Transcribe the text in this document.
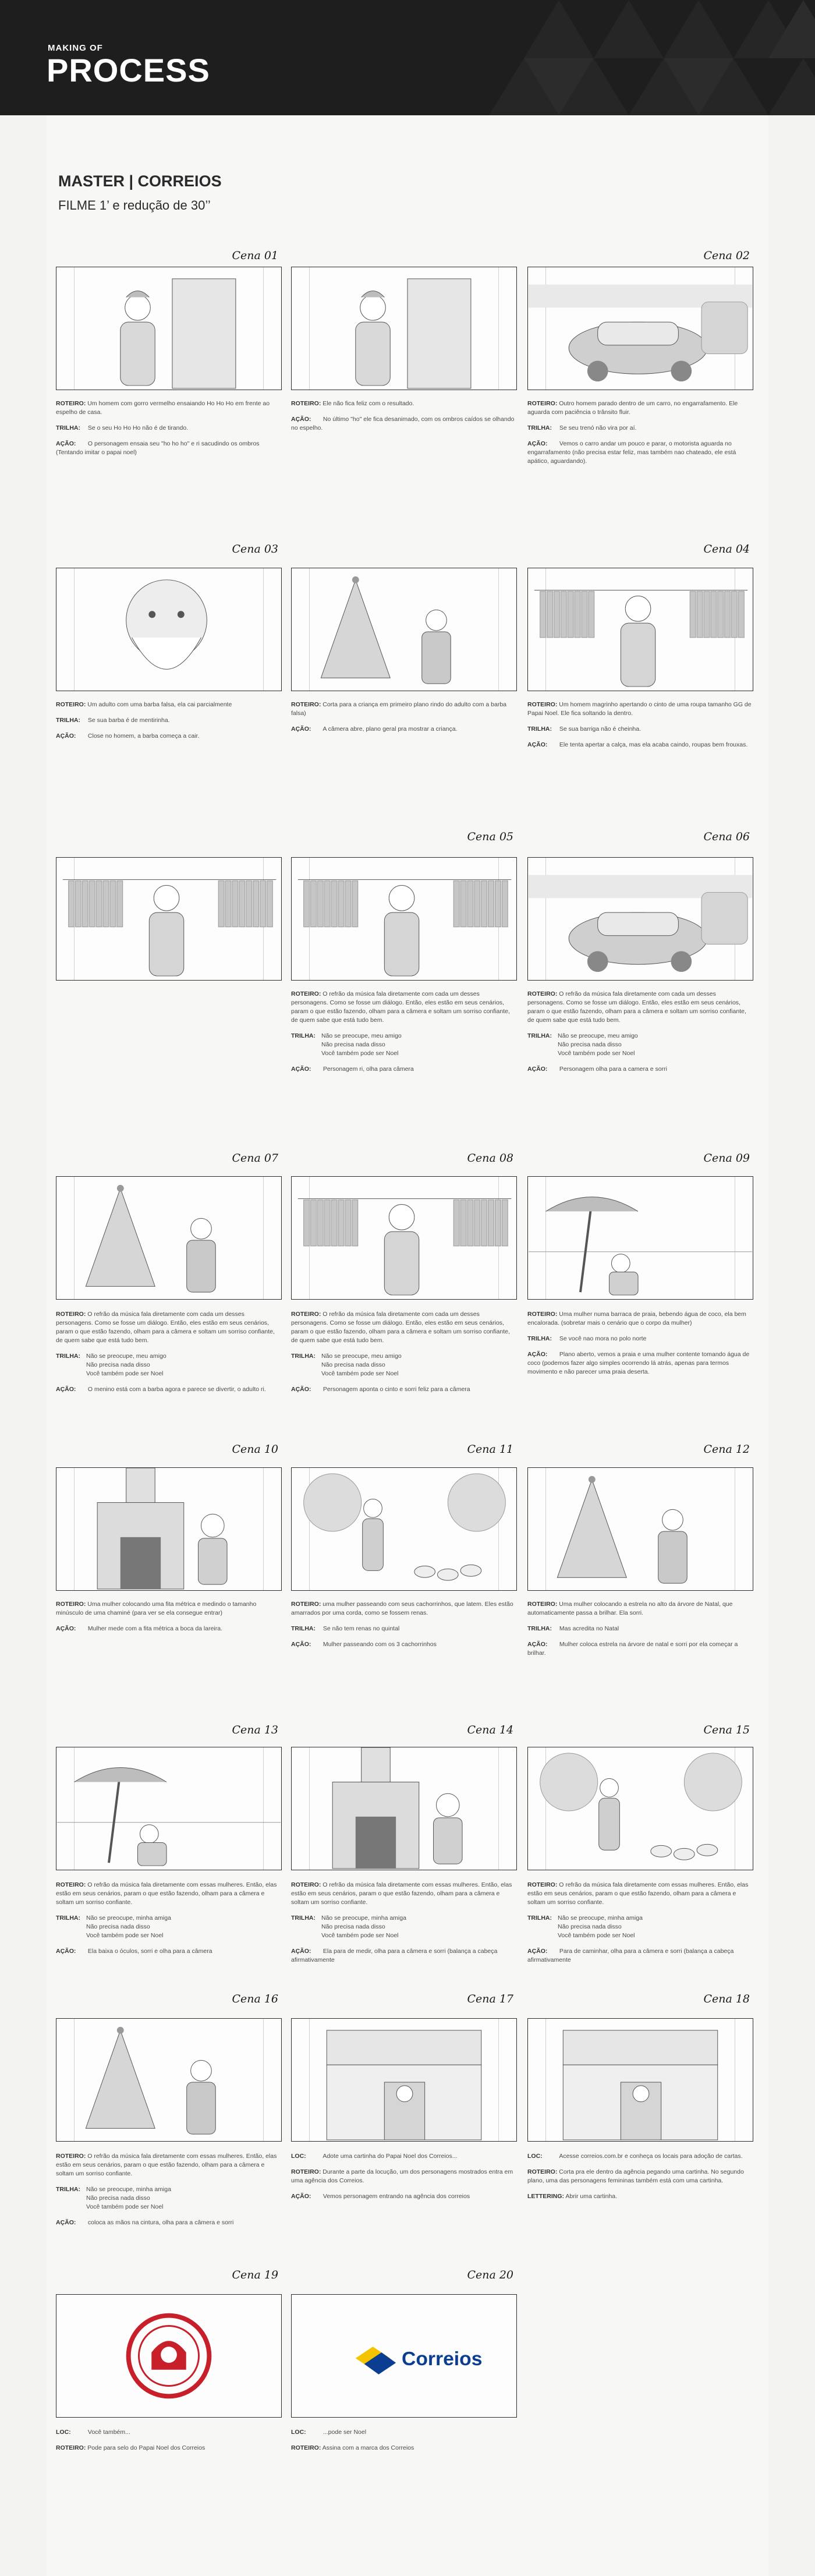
MAKING OF
PROCESS
MASTER | CORREIOS
FILME 1’ e redução de 30’’
Cena 01
ROTEIRO: Um homem com gorro vermelho ensaiando Ho Ho Ho em frente ao espelho de casa.
TRILHA: Se o seu Ho Ho Ho não é de tirando.
AÇÃO: O personagem ensaia seu "ho ho ho" e ri sacudindo os ombros (Tentando imitar o papai noel)
ROTEIRO: Ele não fica feliz com o resultado.
AÇÃO: No último "ho" ele fica desanimado, com os ombros caídos se olhando no espelho.
Cena 02
ROTEIRO: Outro homem parado dentro de um carro, no engarrafamento. Ele aguarda com paciência o trânsito fluir.
TRILHA: Se seu trenó não vira por aí.
AÇÃO: Vemos o carro andar um pouco e parar, o motorista aguarda no engarrafamento (não precisa estar feliz, mas também nao chateado, ele está apático, aguardando).
Cena 03
ROTEIRO: Um adulto com uma barba falsa, ela cai parcialmente
TRILHA: Se sua barba é de mentirinha.
AÇÃO: Close no homem, a barba começa a cair.
ROTEIRO: Corta para a criança em primeiro plano rindo do adulto com a barba falsa)
AÇÃO: A câmera abre, plano geral pra mostrar a criança.
Cena 04
ROTEIRO: Um homem magrinho apertando o cinto de uma roupa tamanho GG de Papai Noel. Ele fica soltando la dentro.
TRILHA: Se sua barriga não é cheinha.
AÇÃO: Ele tenta apertar a calça, mas ela acaba caindo, roupas bem frouxas.
Cena 05
ROTEIRO: O refrão da música fala diretamente com cada um desses personagens. Como se fosse um diálogo. Então, eles estão em seus cenários, param o que estão fazendo, olham para a câmera e soltam um sorriso confiante, de quem sabe que está tudo bem.
TRILHA: Não se preocupe, meu amigo
Não precisa nada disso
Você também pode ser Noel
AÇÃO: Personagem ri, olha para câmera
Cena 06
ROTEIRO: O refrão da música fala diretamente com cada um desses personagens. Como se fosse um diálogo. Então, eles estão em seus cenários, param o que estão fazendo, olham para a câmera e soltam um sorriso confiante, de quem sabe que está tudo bem.
TRILHA: Não se preocupe, meu amigo
Não precisa nada disso
Você também pode ser Noel
AÇÃO: Personagem olha para a camera e sorri
Cena 07
ROTEIRO: O refrão da música fala diretamente com cada um desses personagens. Como se fosse um diálogo. Então, eles estão em seus cenários, param o que estão fazendo, olham para a câmera e soltam um sorriso confiante, de quem sabe que está tudo bem.
TRILHA: Não se preocupe, meu amigo
Não precisa nada disso
Você também pode ser Noel
AÇÃO: O menino está com a barba agora e parece se divertir, o adulto ri.
Cena 08
ROTEIRO: O refrão da música fala diretamente com cada um desses personagens. Como se fosse um diálogo. Então, eles estão em seus cenários, param o que estão fazendo, olham para a câmera e soltam um sorriso confiante, de quem sabe que está tudo bem.
TRILHA: Não se preocupe, meu amigo
Não precisa nada disso
Você também pode ser Noel
AÇÃO: Personagem aponta o cinto e sorri feliz para a câmera
Cena 09
ROTEIRO: Uma mulher numa barraca de praia, bebendo água de coco, ela bem encalorada. (sobretar mais o cenário que o corpo da mulher)
TRILHA: Se você nao mora no polo norte
AÇÃO: Plano aberto, vemos a praia e uma mulher contente tomando água de coco (podemos fazer algo simples ocorrendo lá atrás, apenas para termos movimento e não parecer uma praia deserta.
Cena 10
ROTEIRO: Uma mulher colocando uma fita métrica e medindo o tamanho minúsculo de uma chaminé (para ver se ela consegue entrar)
AÇÃO: Mulher mede com a fita métrica a boca da lareira.
Cena 11
ROTEIRO: uma mulher passeando com seus cachorrinhos, que latem. Eles estão amarrados por uma corda, como se fossem renas.
TRILHA: Se não tem renas no quintal
AÇÃO: Mulher passeando com os 3 cachorrinhos
Cena 12
ROTEIRO: Uma mulher colocando a estrela no alto da árvore de Natal, que automaticamente passa a brilhar. Ela sorri.
TRILHA: Mas acredita no Natal
AÇÃO: Mulher coloca estrela na árvore de natal e sorri por ela começar a brilhar.
Cena 13
ROTEIRO: O refrão da música fala diretamente com essas mulheres. Então, elas estão em seus cenários, param o que estão fazendo, olham para a câmera e soltam um sorriso confiante.
TRILHA: Não se preocupe, minha amiga
Não precisa nada disso
Você também pode ser Noel
AÇÃO: Ela baixa o óculos, sorri e olha para a câmera
Cena 14
ROTEIRO: O refrão da música fala diretamente com essas mulheres. Então, elas estão em seus cenários, param o que estão fazendo, olham para a câmera e soltam um sorriso confiante.
TRILHA: Não se preocupe, minha amiga
Não precisa nada disso
Você também pode ser Noel
AÇÃO: Ela para de medir, olha para a câmera e sorri (balança a cabeça afirmativamente
Cena 15
ROTEIRO: O refrão da música fala diretamente com essas mulheres. Então, elas estão em seus cenários, param o que estão fazendo, olham para a câmera e soltam um sorriso confiante.
TRILHA: Não se preocupe, minha amiga
Não precisa nada disso
Você também pode ser Noel
AÇÃO: Para de caminhar, olha para a câmera e sorri (balança a cabeça afirmativamente
Cena 16
ROTEIRO: O refrão da música fala diretamente com essas mulheres. Então, elas estão em seus cenários, param o que estão fazendo, olham para a câmera e soltam um sorriso confiante.
TRILHA: Não se preocupe, minha amiga
Não precisa nada disso
Você também pode ser Noel
AÇÃO: coloca as mãos na cintura, olha para a câmera e sorri
Cena 17
LOC:	Adote uma cartinha do Papai Noel dos Correios...
ROTEIRO: Durante a parte da locução, um dos personagens mostrados entra em uma agência dos Correios.
AÇÃO: Vemos personagem entrando na agência dos correios
Cena 18
LOC:	Acesse correios.com.br e conheça os locais para adoção de cartas.
ROTEIRO: Corta pra ele dentro da agência pegando uma cartinha. No segundo plano, uma das personagens femininas também está com uma cartinha.
LETTERING: Abrir uma cartinha.
Cena 19
LOC:	Você também...
ROTEIRO: Pode para selo do Papai Noel dos Correios
Cena 20
Correios
LOC:	...pode ser Noel
ROTEIRO: Assina com a marca dos Correios
